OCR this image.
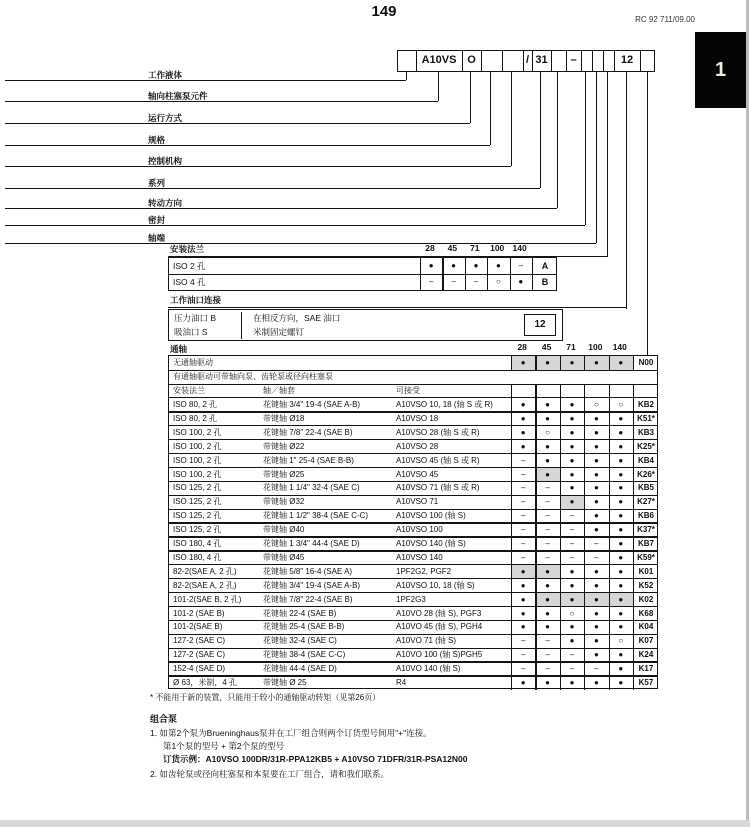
149	RC 92 711/09.00
1
A10VS O	/ 31	–	12
工作液体
轴向柱塞泵元件
运行方式
规格
控制机构
系列
转动方向
密封
轴端
安装法兰	28 45 71 100 140
ISO 2 孔	● ● ● ● –	A
ISO 4 孔	– – – ○ ●	B
工作油口连接
压力油口 B	在相反方向，SAE 油口
吸油口 S	米制固定螺钉
12
通轴	28 45 71 100 140
无通轴驱动	● ● ● ● ●	N00
有通轴驱动可带轴向泵、齿轮泵或径向柱塞泵
安装法兰	轴／轴套	可接受
ISO 80, 2 孔	花键轴 3/4" 19-4 (SAE A-B)	A10VSO 10, 18 (轴 S 或 R)	● ● ● ○ ○	KB2
ISO 80, 2 孔	带键轴 Ø18	A10VSO 18	● ● ● ● ●	K51*
ISO 100, 2 孔	花键轴 7/8" 22-4 (SAE B)	A10VSO 28 (轴 S 或 R)	● ○ ● ● ●	KB3
ISO 100, 2 孔	带键轴 Ø22	A10VSO 28	● ● ● ● ●	K25*
ISO 100, 2 孔	花键轴 1" 25-4 (SAE B-B)	A10VSO 45 (轴 S 或 R)	– ● ● ● ●	KB4
ISO 100, 2 孔	带键轴 Ø25	A10VSO 45	– ● ● ● ●	K26*
ISO 125, 2 孔	花键轴 1 1/4" 32-4 (SAE C)	A10VSO 71 (轴 S 或 R)	– – ● ● ●	KB5
ISO 125, 2 孔	带键轴 Ø32	A10VSO 71	– – ● ● ●	K27*
ISO 125, 2 孔	花键轴 1 1/2" 38-4 (SAE C-C)	A10VSO 100 (轴 S)	– – – ● ●	KB6
ISO 125, 2 孔	带键轴 Ø40	A10VSO 100	– – – ● ●	K37*
ISO 180, 4 孔	花键轴 1 3/4" 44-4 (SAE D)	A10VSO 140 (轴 S)	– – – – ●	KB7
ISO 180, 4 孔	带键轴 Ø45	A10VSO 140	– – – – ●	K59*
82-2(SAE A, 2 孔)	花键轴 5/8" 16-4 (SAE A)	1PF2G2, PGF2	● ● ● ● ●	K01
82-2(SAE A, 2 孔)	花键轴 3/4" 19-4 (SAE A-B)	A10VSO 10, 18 (轴 S)	● ● ● ● ●	K52
101-2(SAE B, 2 孔)	花键轴 7/8" 22-4 (SAE B)	1PF2G3	● ● ● ● ●	K02
101-2 (SAE B)	花键轴 22-4 (SAE B)	A10VO 28 (轴 S), PGF3	● ● ○ ● ●	K68
101-2(SAE B)	花键轴 25-4 (SAE B-B)	A10VO 45 (轴 S), PGH4	● ● ● ● ●	K04
127-2 (SAE C)	花键轴 32-4 (SAE C)	A10VO 71 (轴 S)	– – ● ● ○	K07
127-2 (SAE C)	花键轴 38-4 (SAE C-C)	A10VO 100 (轴 S)PGH5	– – – ● ●	K24
152-4 (SAE D)	花键轴 44-4 (SAE D)	A10VO 140 (轴 S)	– – – – ●	K17
Ø 63，米制，4 孔	带键轴 Ø 25	R4	● ● ● ● ●	K57
* 不能用于新的装置，只能用于较小的通轴驱动转矩（见第26页）
组合泵
1. 如第2个泵为Brueninghaus泵并在工厂组合则两个订货型号间用"+"连接。
第1个泵的型号 + 第2个泵的型号
订货示例：A10VSO 100DR/31R-PPA12KB5 + A10VSO 71DFR/31R-PSA12N00
2. 如齿轮泵或径向柱塞泵和本泵要在工厂组合，请和我们联系。
